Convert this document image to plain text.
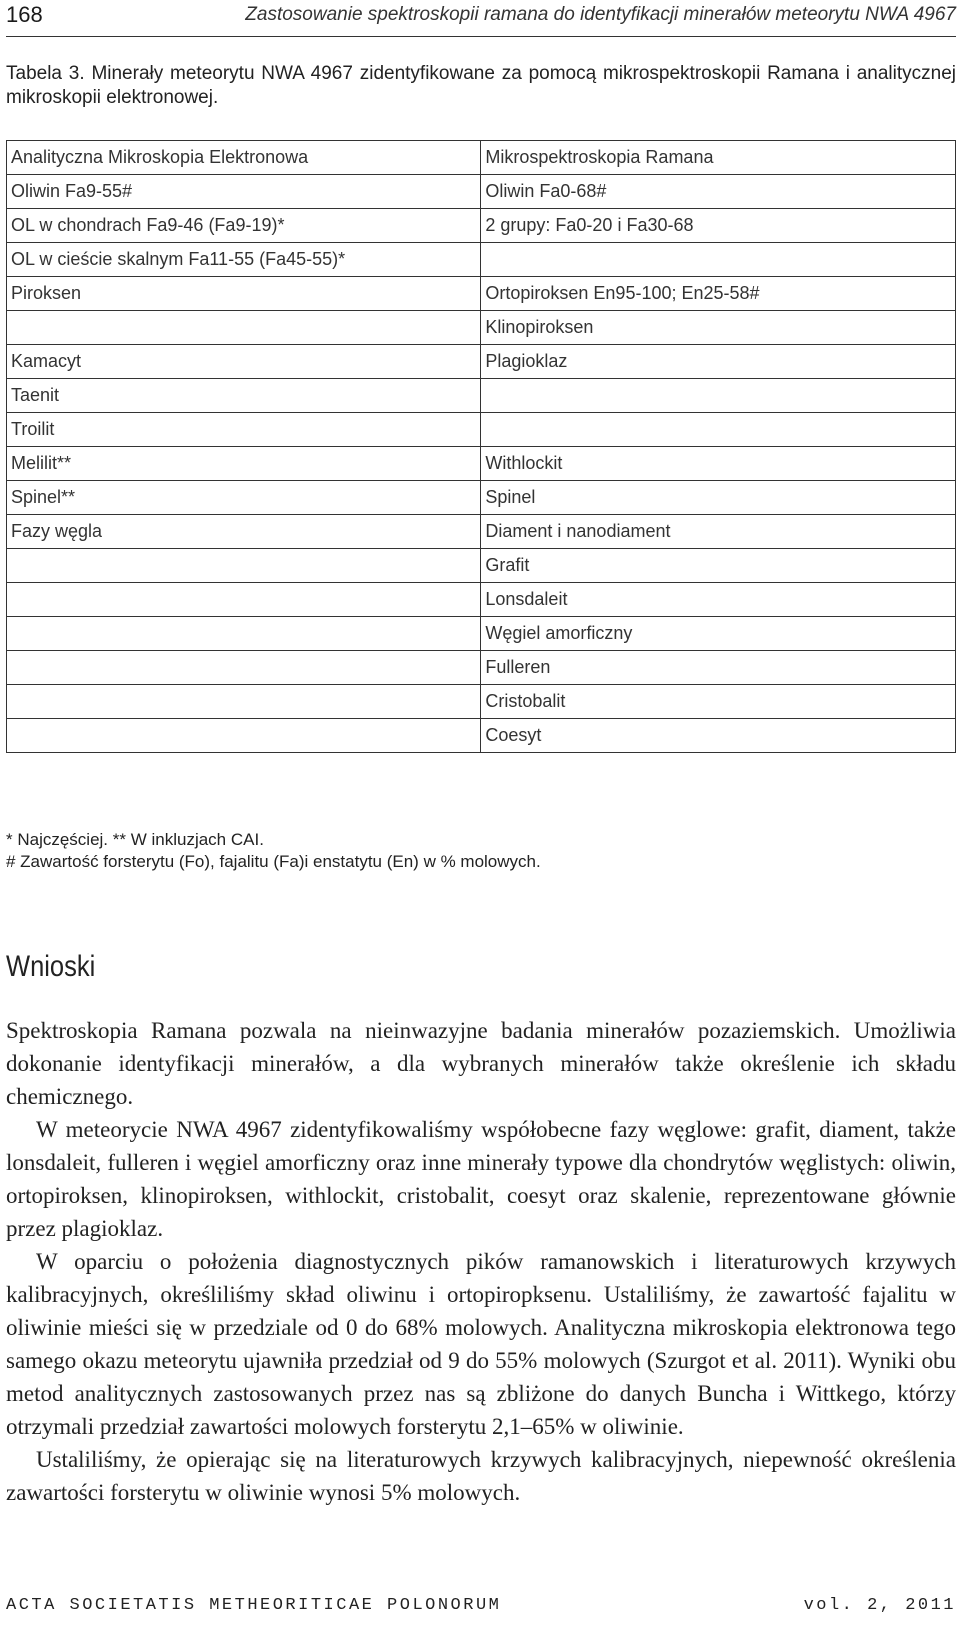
168	Zastosowanie spektroskopii ramana do identyfikacji minerałów meteorytu NWA 4967
Tabela 3. Minerały meteorytu NWA 4967 zidentyfikowane za pomocą mikrospektroskopii Ramana i analitycznej mikroskopii elektronowej.
Analityczna Mikroskopia Elektronowa	Mikrospektroskopia Ramana
Oliwin Fa9-55#	Oliwin Fa0-68#
OL w chondrach Fa9-46 (Fa9-19)*	2 grupy: Fa0-20 i Fa30-68
OL w cieście skalnym Fa11-55 (Fa45-55)*	
Piroksen	Ortopiroksen En95-100; En25-58#
	Klinopiroksen
Kamacyt	Plagioklaz
Taenit	
Troilit	
Melilit**	Withlockit
Spinel**	Spinel
Fazy węgla	Diament i nanodiament
	Grafit
	Lonsdaleit
	Węgiel amorficzny
	Fulleren
	Cristobalit
	Coesyt
* Najczęściej. ** W inkluzjach CAI.
# Zawartość forsterytu (Fo), fajalitu (Fa)i enstatytu (En) w % molowych.
Wnioski

Spektroskopia Ramana pozwala na nieinwazyjne badania minerałów pozaziemskich. Umożliwia dokonanie identyfikacji minerałów, a dla wybranych minerałów także określenie ich składu chemicznego.

W meteorycie NWA 4967 zidentyfikowaliśmy współobecne fazy węglowe: grafit, diament, także lonsdaleit, fulleren i węgiel amorficzny oraz inne minerały typowe dla chondrytów węglistych: oliwin, ortopiroksen, klinopiroksen, withlockit, cristobalit, coesyt oraz skalenie, reprezentowane głównie przez plagioklaz.

W oparciu o położenia diagnostycznych pików ramanowskich i literaturowych krzywych kalibracyjnych, określiliśmy skład oliwinu i ortopiropksenu. Ustaliliśmy, że zawartość fajalitu w oliwinie mieści się w przedziale od 0 do 68% molowych. Analityczna mikroskopia elektronowa tego samego okazu meteorytu ujawniła przedział od 9 do 55% molowych (Szurgot et al. 2011). Wyniki obu metod analitycznych zastosowanych przez nas są zbliżone do danych Buncha i Wittkego, którzy otrzymali przedział zawartości molowych forsterytu 2,1–65% w oliwinie.

Ustaliliśmy, że opierając się na literaturowych krzywych kalibracyjnych, niepewność określenia zawartości forsterytu w oliwinie wynosi 5% molowych.

ACTA SOCIETATIS METHEORITICAE POLONORUM	vol. 2, 2011
